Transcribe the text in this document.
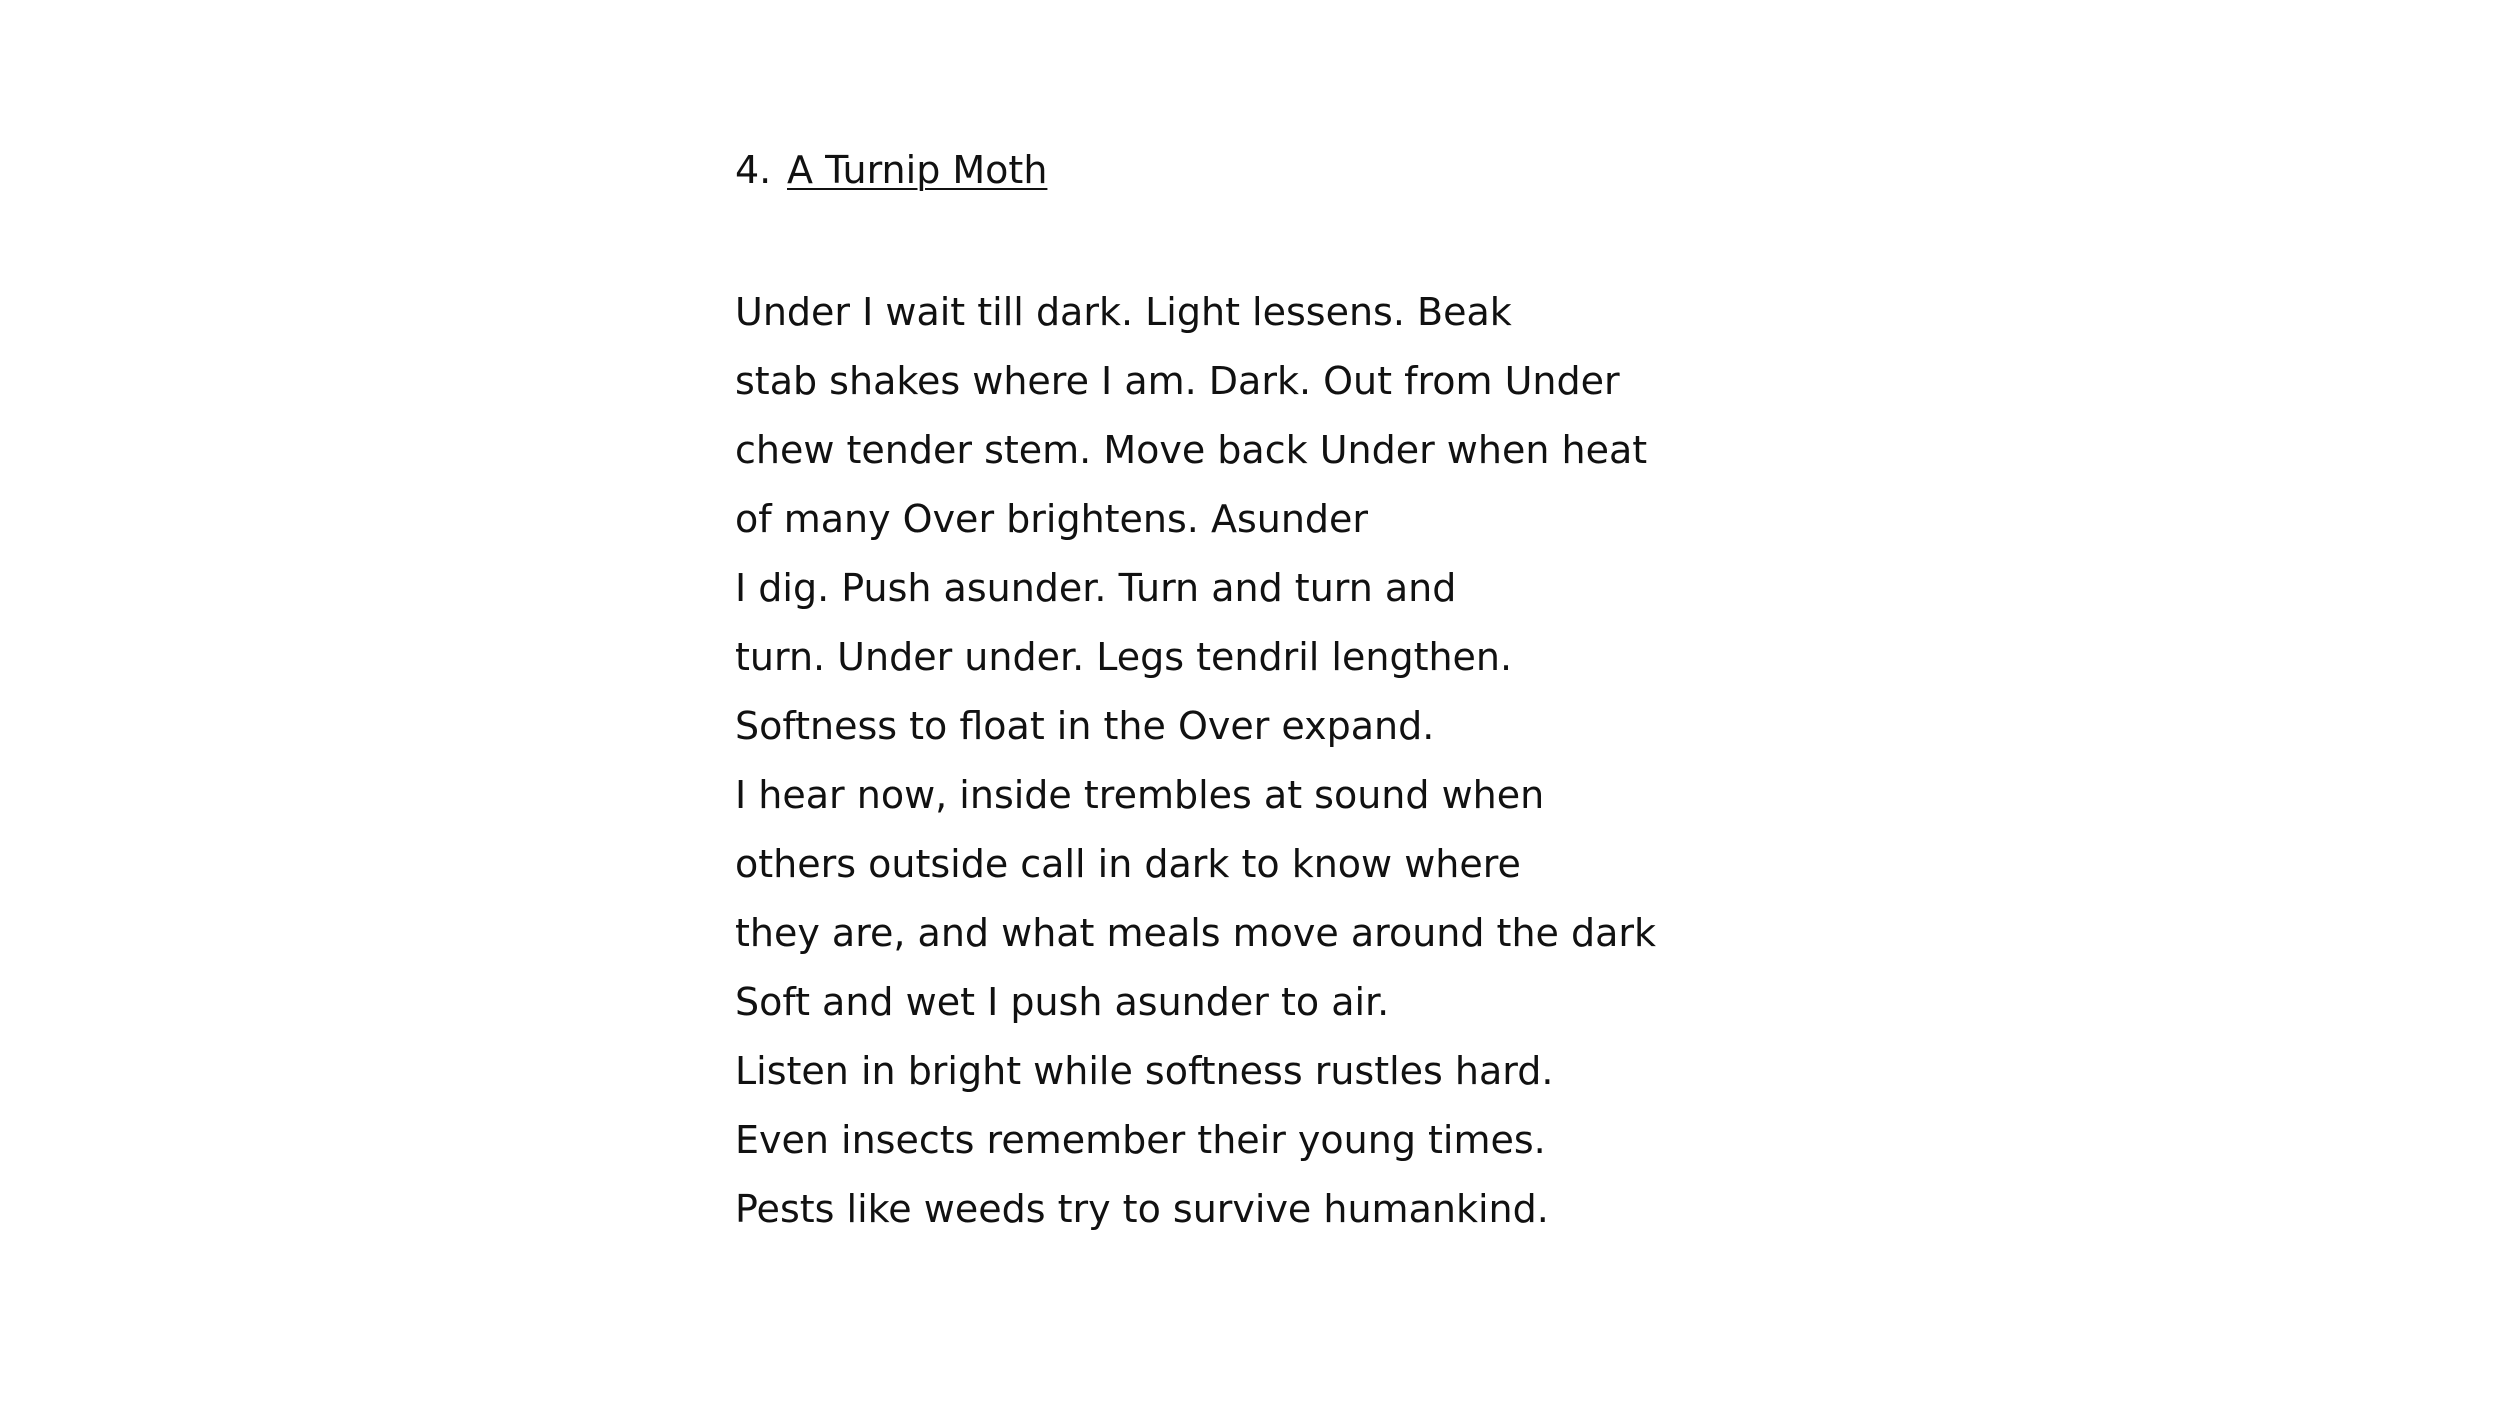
4. A Turnip Moth

Under I wait till dark. Light lessens. Beak

stab shakes where I am. Dark. Out from Under

chew tender stem. Move back Under when heat

of many Over brightens. Asunder

I dig. Push asunder. Turn and turn and

turn. Under under. Legs tendril lengthen.

Softness to float in the Over expand.

I hear now, inside trembles at sound when

others outside call in dark to know where

they are, and what meals move around the dark

Soft and wet I push asunder to air.

Listen in bright while softness rustles hard.

Even insects remember their young times.

Pests like weeds try to survive humankind.
